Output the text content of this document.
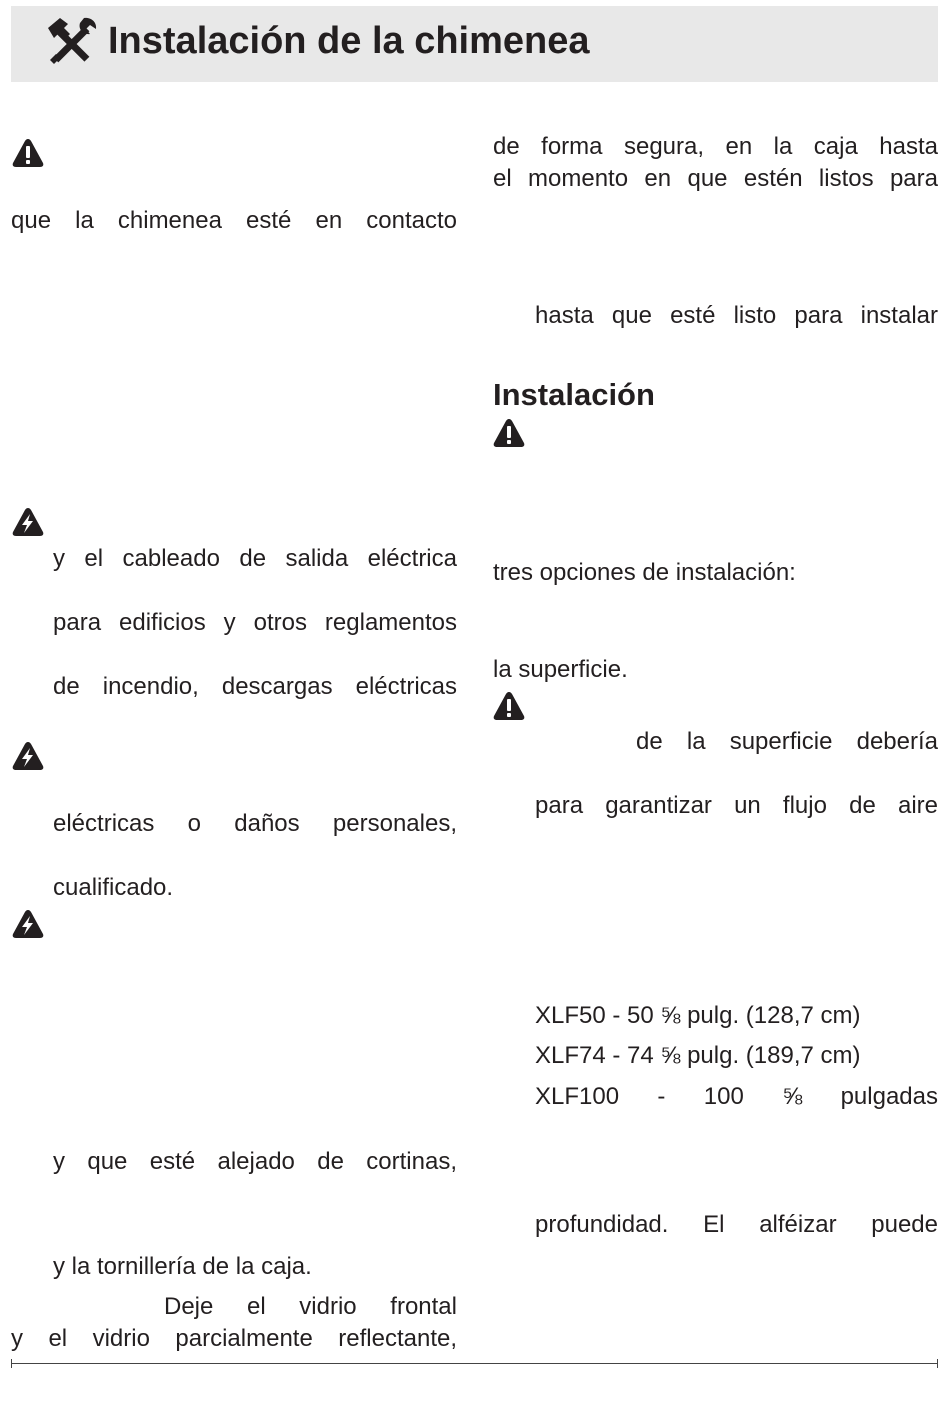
Instalación de la chimenea
que la chimenea esté en contacto
y el cableado de salida eléctrica
para edificios y otros reglamentos
de incendio, descargas eléctricas
eléctricas o daños personales,
cualificado.
y que esté alejado de cortinas,
y la tornillería de la caja.
Deje el vidrio frontal
y el vidrio parcialmente reflectante,
de forma segura, en la caja hasta
el momento en que estén listos para
hasta que esté listo para instalar
Instalación
tres opciones de instalación:
la superficie.
de la superficie debería
para garantizar un flujo de aire
XLF50 - 50 ⅝ pulg. (128,7 cm)
XLF74 - 74 ⅝ pulg. (189,7 cm)
XLF100 - 100 ⅝ pulgadas
profundidad. El alféizar puede
